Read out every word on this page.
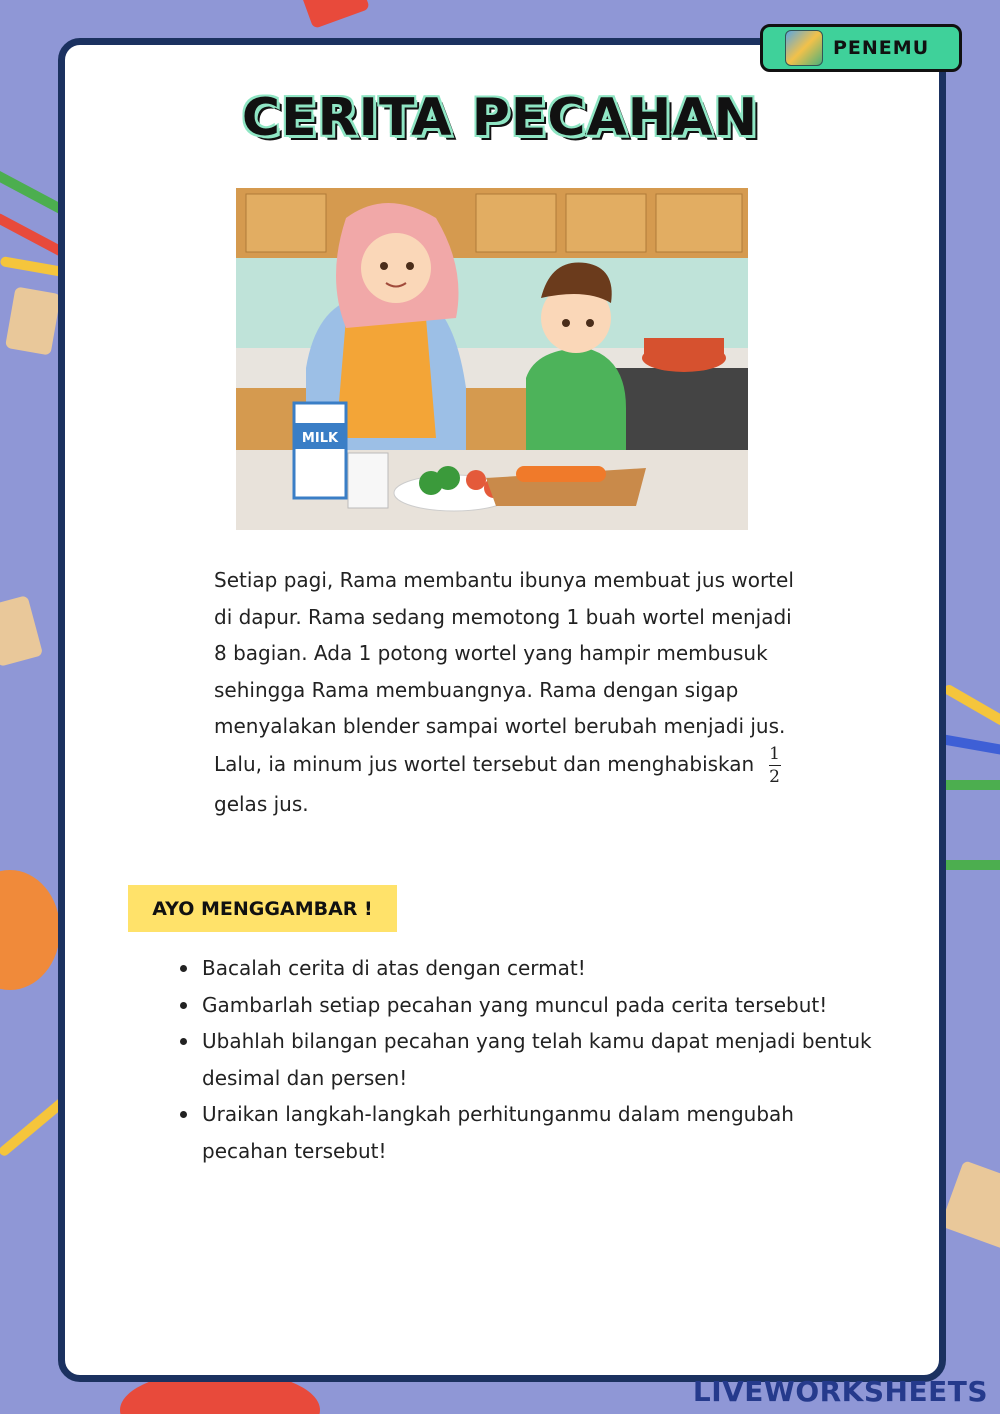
PENEMU
CERITA PECAHAN
MILK
Setiap pagi, Rama membantu ibunya membuat jus wortel di dapur. Rama sedang memotong 1 buah wortel menjadi 8 bagian. Ada 1 potong wortel yang hampir membusuk sehingga Rama membuangnya. Rama dengan sigap menyalakan blender sampai wortel berubah menjadi jus. Lalu, ia minum jus wortel tersebut dan menghabiskan $\frac{1}{2}$
gelas jus.
AYO MENGGAMBAR !
Bacalah cerita di atas dengan cermat!
Gambarlah setiap pecahan yang muncul pada cerita tersebut!
Ubahlah bilangan pecahan yang telah kamu dapat menjadi bentuk desimal dan persen!
Uraikan langkah-langkah perhitunganmu dalam mengubah pecahan tersebut!
LIVEWORKSHEETS
